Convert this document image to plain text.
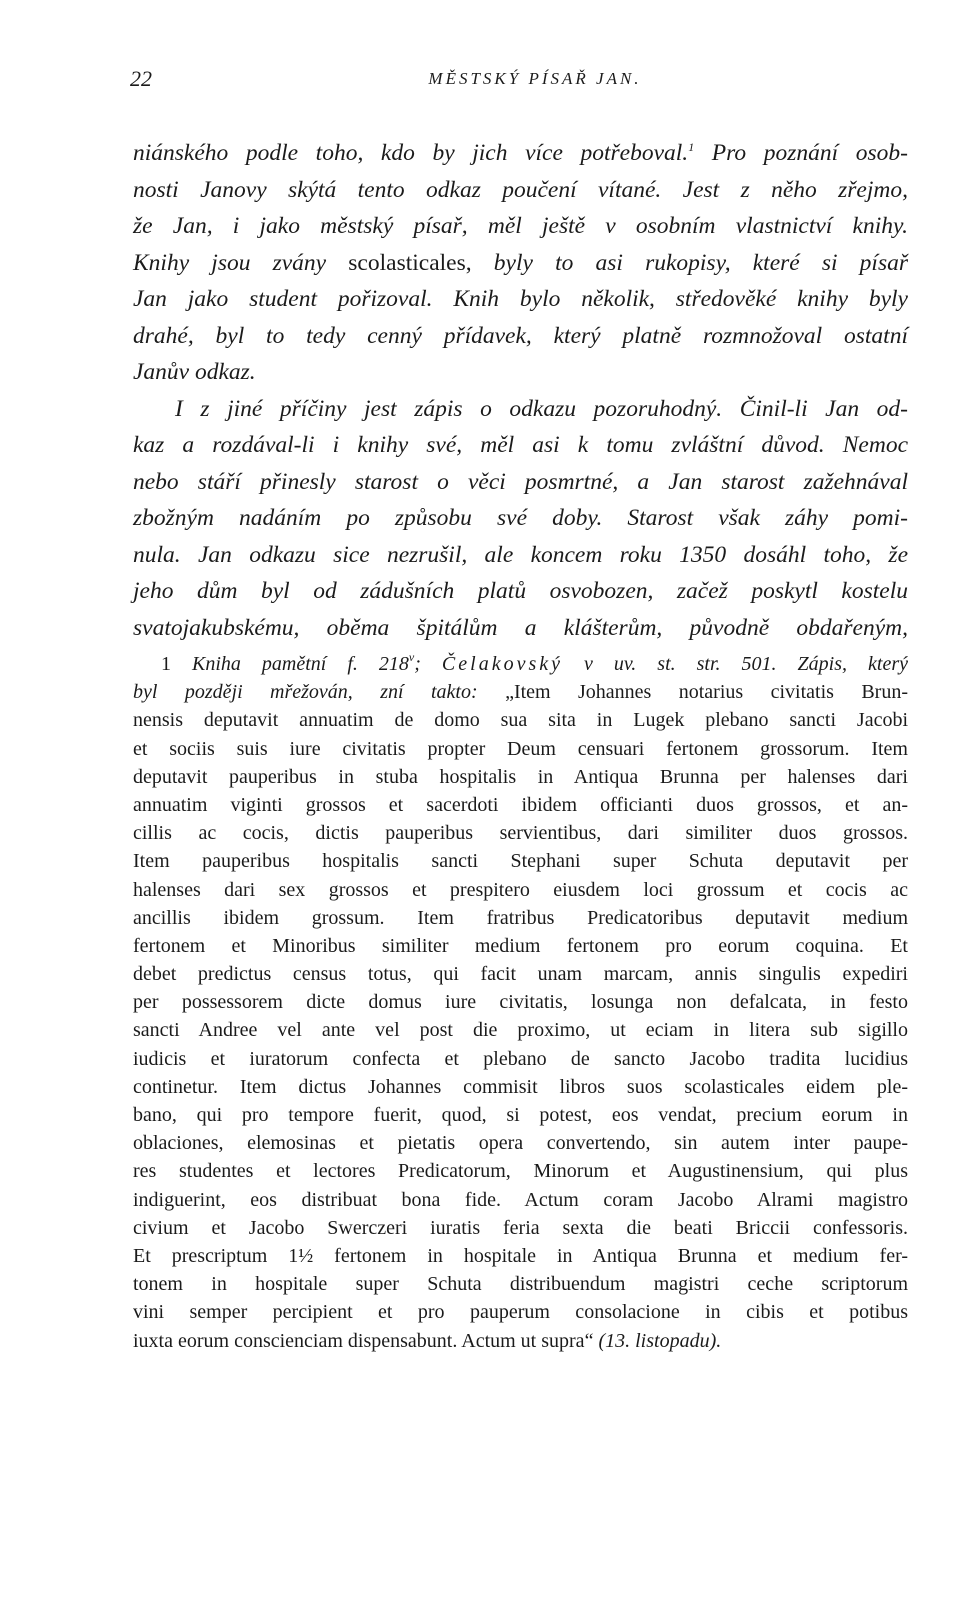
22	MĚSTSKÝ PÍSAŘ JAN.
niánského podle toho, kdo by jich více potřeboval.$^1$ Pro poznání osob-
nosti Janovy skýtá tento odkaz poučení vítané. Jest z něho zřejmo,
že Jan, i jako městský písař, měl ještě v osobním vlastnictví knihy.
Knihy jsou zvány scolasticales, byly to asi rukopisy, které si písař
Jan jako student pořizoval. Knih bylo několik, středověké knihy byly
drahé, byl to tedy cenný přídavek, který platně rozmnožoval ostatní
Janův odkaz.
I z jiné příčiny jest zápis o odkazu pozoruhodný. Činil-li Jan od-
kaz a rozdával-li i knihy své, měl asi k tomu zvláštní důvod. Nemoc
nebo stáří přinesly starost o věci posmrtné, a Jan starost zažehnával
zbožným nadáním po způsobu své doby. Starost však záhy pomi-
nula. Jan odkazu sice nezrušil, ale koncem roku 1350 dosáhl toho, že
jeho dům byl od zádušních platů osvobozen, začež poskytl kostelu
svatojakubskému, oběma špitálům a klášterům, původně obdařeným,
1 Kniha pamětní f. 218$^v$; Čelakovský v uv. st. str. 501. Zápis, který
byl později mřežován, zní takto: „Item Johannes notarius civitatis Brun-
nensis deputavit annuatim de domo sua sita in Lugek plebano sancti Jacobi
et sociis suis iure civitatis propter Deum censuari fertonem grossorum. Item
deputavit pauperibus in stuba hospitalis in Antiqua Brunna per halenses dari
annuatim viginti grossos et sacerdoti ibidem officianti duos grossos, et an-
cillis ac cocis, dictis pauperibus servientibus, dari similiter duos grossos.
Item pauperibus hospitalis sancti Stephani super Schuta deputavit per
halenses dari sex grossos et prespitero eiusdem loci grossum et cocis ac
ancillis ibidem grossum. Item fratribus Predicatoribus deputavit medium
fertonem et Minoribus similiter medium fertonem pro eorum coquina. Et
debet predictus census totus, qui facit unam marcam, annis singulis expediri
per possessorem dicte domus iure civitatis, losunga non defalcata, in festo
sancti Andree vel ante vel post die proximo, ut eciam in litera sub sigillo
iudicis et iuratorum confecta et plebano de sancto Jacobo tradita lucidius
continetur. Item dictus Johannes commisit libros suos scolasticales eidem ple-
bano, qui pro tempore fuerit, quod, si potest, eos vendat, precium eorum in
oblaciones, elemosinas et pietatis opera convertendo, sin autem inter paupe-
res studentes et lectores Predicatorum, Minorum et Augustinensium, qui plus
indiguerint, eos distribuat bona fide. Actum coram Jacobo Alrami magistro
civium et Jacobo Swerczeri iuratis feria sexta die beati Briccii confessoris.
Et prescriptum 1½ fertonem in hospitale in Antiqua Brunna et medium fer-
tonem in hospitale super Schuta distribuendum magistri ceche scriptorum
vini semper percipient et pro pauperum consolacione in cibis et potibus
iuxta eorum conscienciam dispensabunt. Actum ut supra“ (13. listopadu).
